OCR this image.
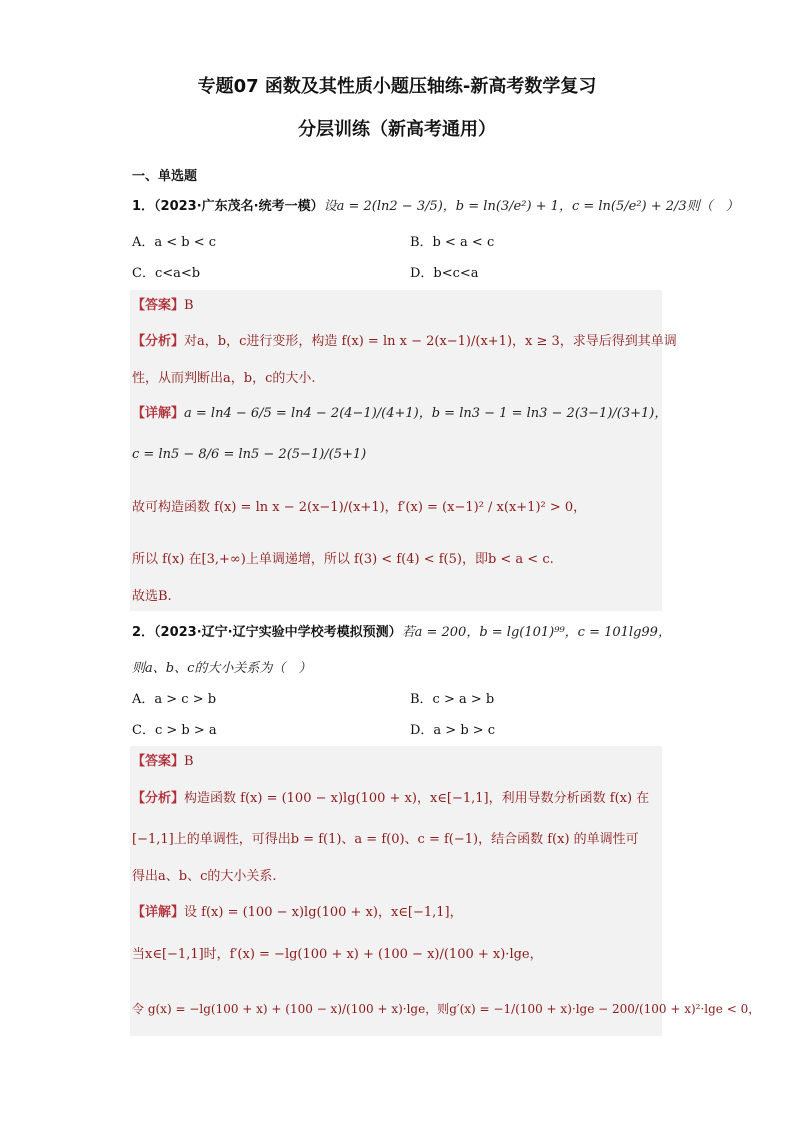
专题07 函数及其性质小题压轴练-新高考数学复习
分层训练（新高考通用）
一、单选题
1．（2023·广东茂名·统考一模）设a = 2(ln2 − 3/5)，b = ln(3/e²) + 1，c = ln(5/e²) + 2/3则（　）
A．a < b < c	B．b < a < c
C．c<a<b	D．b<c<a
【答案】B
【分析】对a，b，c进行变形，构造 f(x) = ln x − 2(x−1)/(x+1)，x ≥ 3，求导后得到其单调
性，从而判断出a，b，c的大小.
【详解】a = ln4 − 6/5 = ln4 − 2(4−1)/(4+1)，b = ln3 − 1 = ln3 − 2(3−1)/(3+1)，
c = ln5 − 8/6 = ln5 − 2(5−1)/(5+1)
故可构造函数 f(x) = ln x − 2(x−1)/(x+1)，f′(x) = (x−1)² / x(x+1)² > 0，
所以 f(x) 在[3,+∞)上单调递增，所以 f(3) < f(4) < f(5)，即b < a < c.
故选B.
2．（2023·辽宁·辽宁实验中学校考模拟预测）若a = 200，b = lg(101)⁹⁹，c = 101lg99，
则a、b、c的大小关系为（　）
A．a > c > b	B．c > a > b
C．c > b > a	D．a > b > c
【答案】B
【分析】构造函数 f(x) = (100 − x)lg(100 + x)，x∈[−1,1]，利用导数分析函数 f(x) 在
[−1,1]上的单调性，可得出b = f(1)、a = f(0)、c = f(−1)，结合函数 f(x) 的单调性可
得出a、b、c的大小关系.
【详解】设 f(x) = (100 − x)lg(100 + x)，x∈[−1,1]，
当x∈[−1,1]时，f′(x) = −lg(100 + x) + (100 − x)/(100 + x)·lge，
令 g(x) = −lg(100 + x) + (100 − x)/(100 + x)·lge，则g′(x) = −1/(100 + x)·lge − 200/(100 + x)²·lge < 0，
